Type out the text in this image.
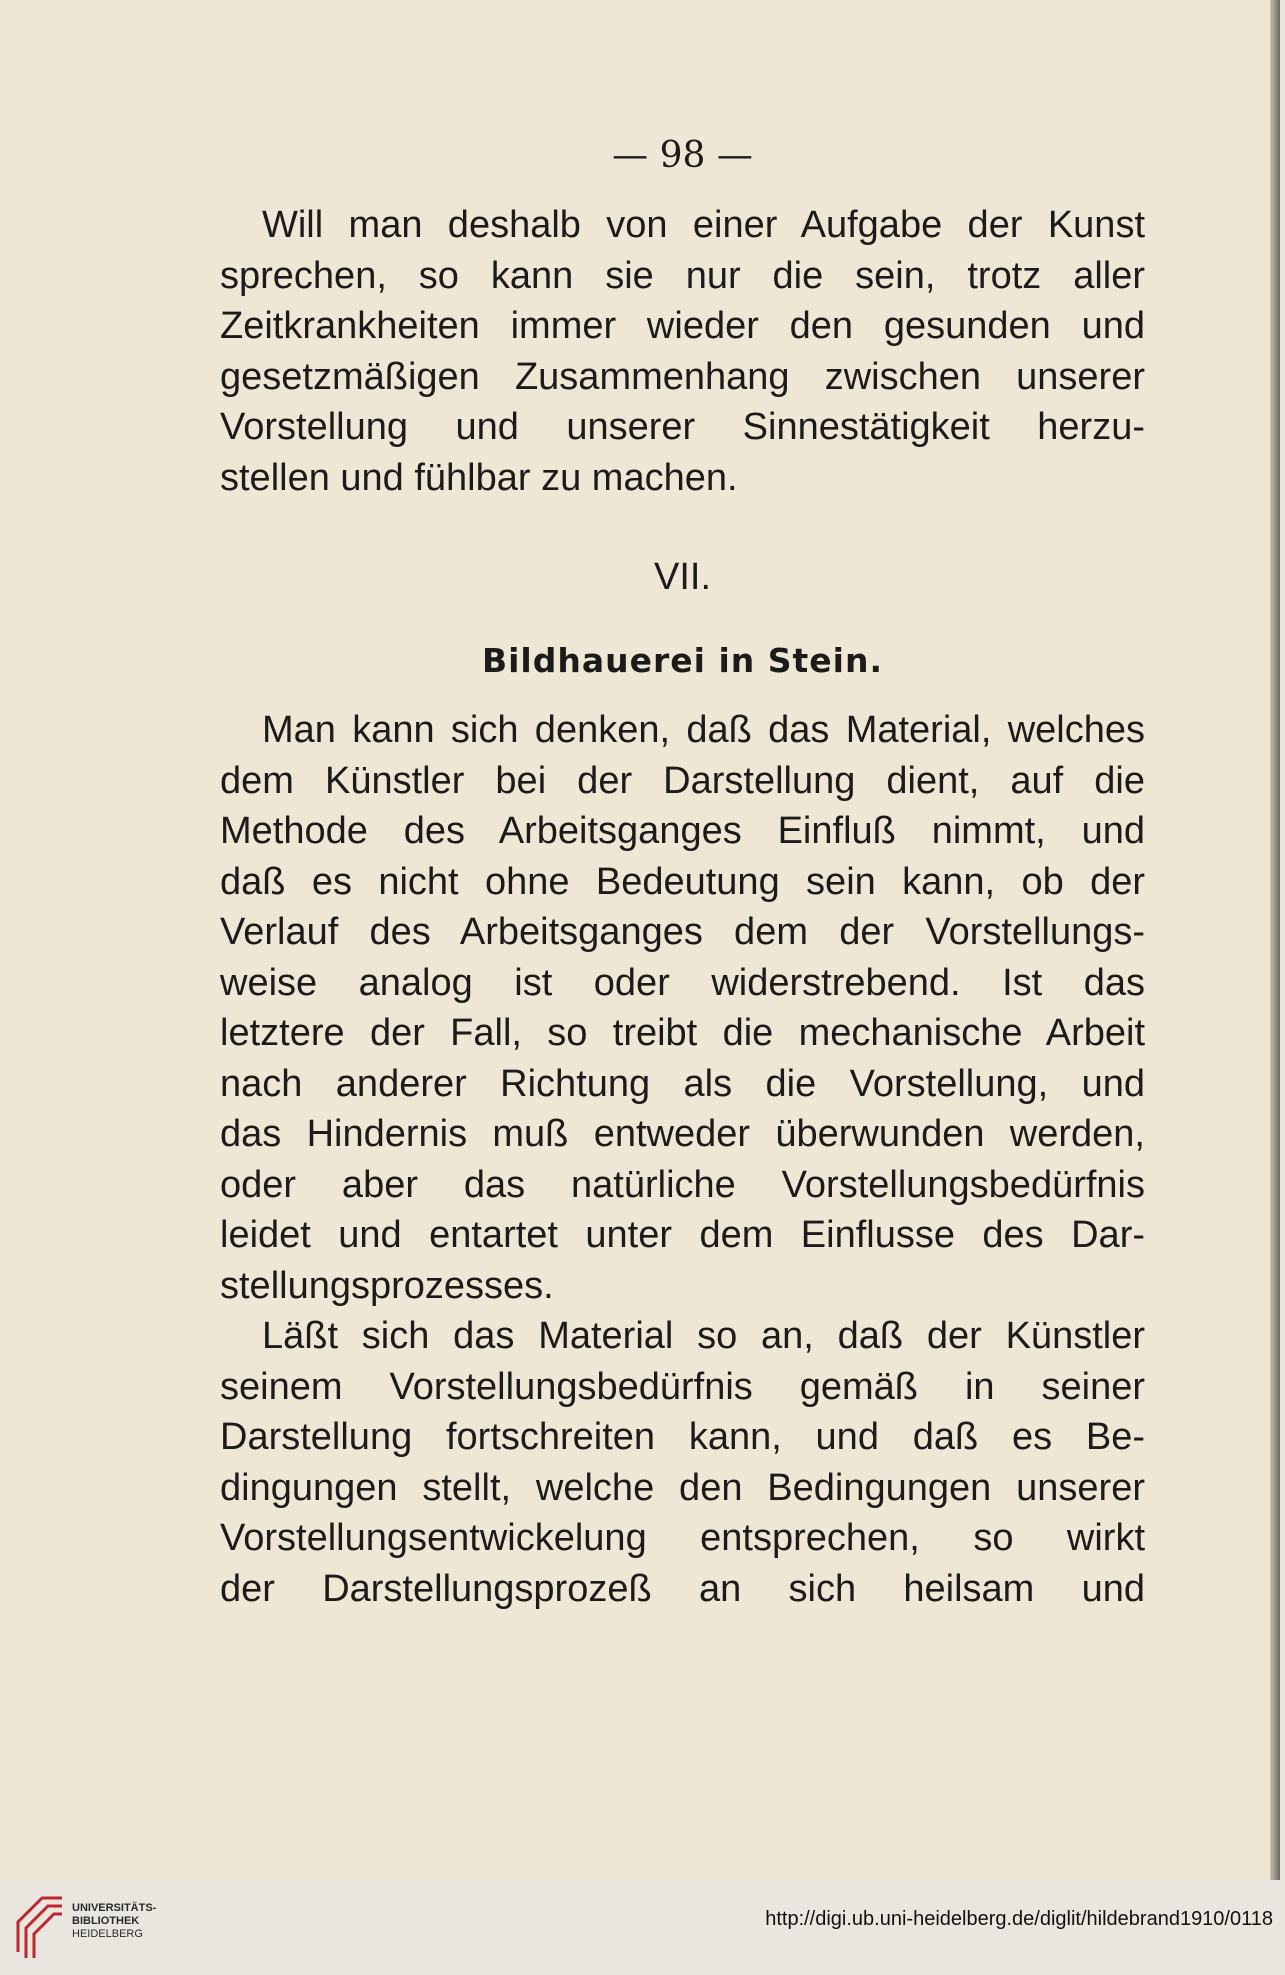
— 98 —

Will man deshalb von einer Aufgabe der Kunst
sprechen, so kann sie nur die sein, trotz aller
Zeitkrankheiten immer wieder den gesunden und
gesetzmäßigen Zusammenhang zwischen unserer
Vorstellung und unserer Sinnestätigkeit herzu-
stellen und fühlbar zu machen.

VII.
Bildhauerei in Stein.

Man kann sich denken, daß das Material, welches
dem Künstler bei der Darstellung dient, auf die
Methode des Arbeitsganges Einfluß nimmt, und
daß es nicht ohne Bedeutung sein kann, ob der
Verlauf des Arbeitsganges dem der Vorstellungs-
weise analog ist oder widerstrebend. Ist das
letztere der Fall, so treibt die mechanische Arbeit
nach anderer Richtung als die Vorstellung, und
das Hindernis muß entweder überwunden werden,
oder aber das natürliche Vorstellungsbedürfnis
leidet und entartet unter dem Einflusse des Dar-
stellungsprozesses.

Läßt sich das Material so an, daß der Künstler
seinem Vorstellungsbedürfnis gemäß in seiner
Darstellung fortschreiten kann, und daß es Be-
dingungen stellt, welche den Bedingungen unserer
Vorstellungsentwickelung entsprechen, so wirkt
der Darstellungsprozeß an sich heilsam und

UNIVERSITÄTS-
BIBLIOTHEK
HEIDELBERG
http://digi.ub.uni-heidelberg.de/diglit/hildebrand1910/0118
